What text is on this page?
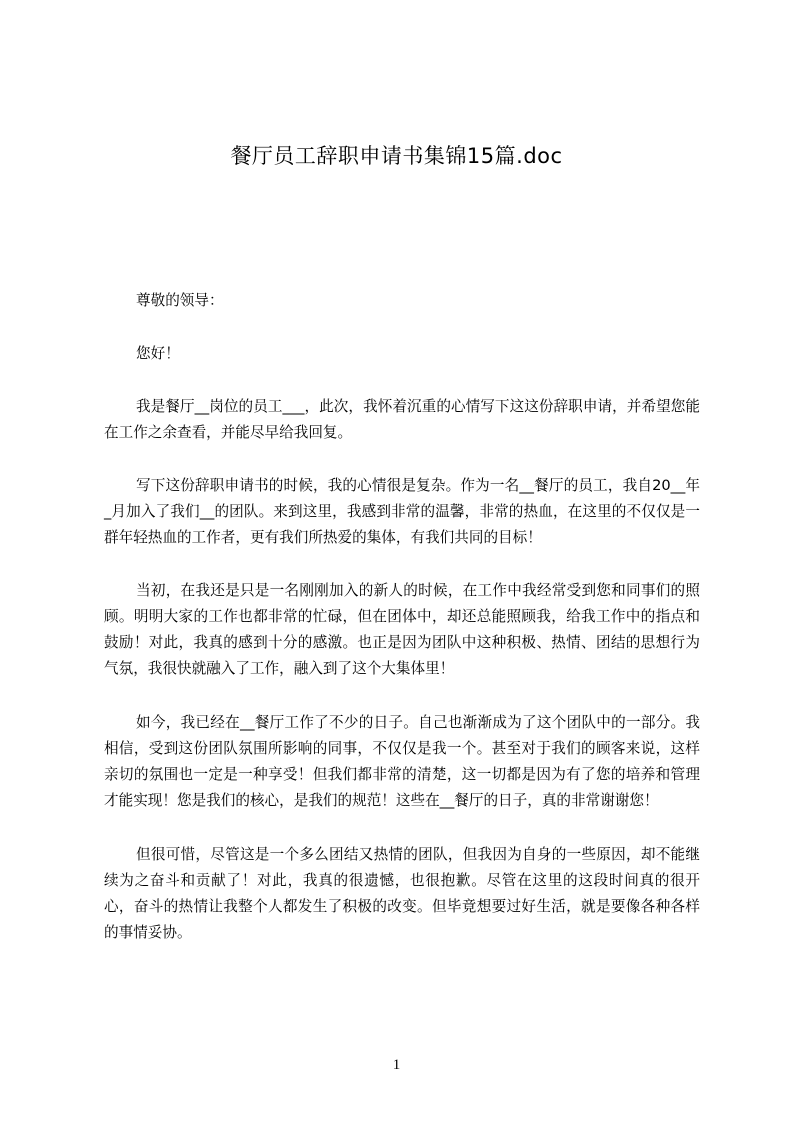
餐厅员工辞职申请书集锦15篇.doc

尊敬的领导：

您好！

我是餐厅__岗位的员工___，此次，我怀着沉重的心情写下这这份辞职申请，并希望您能在工作之余查看，并能尽早给我回复。

写下这份辞职申请书的时候，我的心情很是复杂。作为一名__餐厅的员工，我自20__年_月加入了我们__的团队。来到这里，我感到非常的温馨，非常的热血，在这里的不仅仅是一群年轻热血的工作者，更有我们所热爱的集体，有我们共同的目标！

当初，在我还是只是一名刚刚加入的新人的时候，在工作中我经常受到您和同事们的照顾。明明大家的工作也都非常的忙碌，但在团体中，却还总能照顾我，给我工作中的指点和鼓励！对此，我真的感到十分的感激。也正是因为团队中这种积极、热情、团结的思想行为气氛，我很快就融入了工作，融入到了这个大集体里！

如今，我已经在__餐厅工作了不少的日子。自己也渐渐成为了这个团队中的一部分。我相信，受到这份团队氛围所影响的同事，不仅仅是我一个。甚至对于我们的顾客来说，这样亲切的氛围也一定是一种享受！但我们都非常的清楚，这一切都是因为有了您的培养和管理才能实现！您是我们的核心，是我们的规范！这些在__餐厅的日子，真的非常谢谢您！

但很可惜，尽管这是一个多么团结又热情的团队，但我因为自身的一些原因，却不能继续为之奋斗和贡献了！对此，我真的很遗憾，也很抱歉。尽管在这里的这段时间真的很开心，奋斗的热情让我整个人都发生了积极的改变。但毕竟想要过好生活，就是要像各种各样的事情妥协。

1
